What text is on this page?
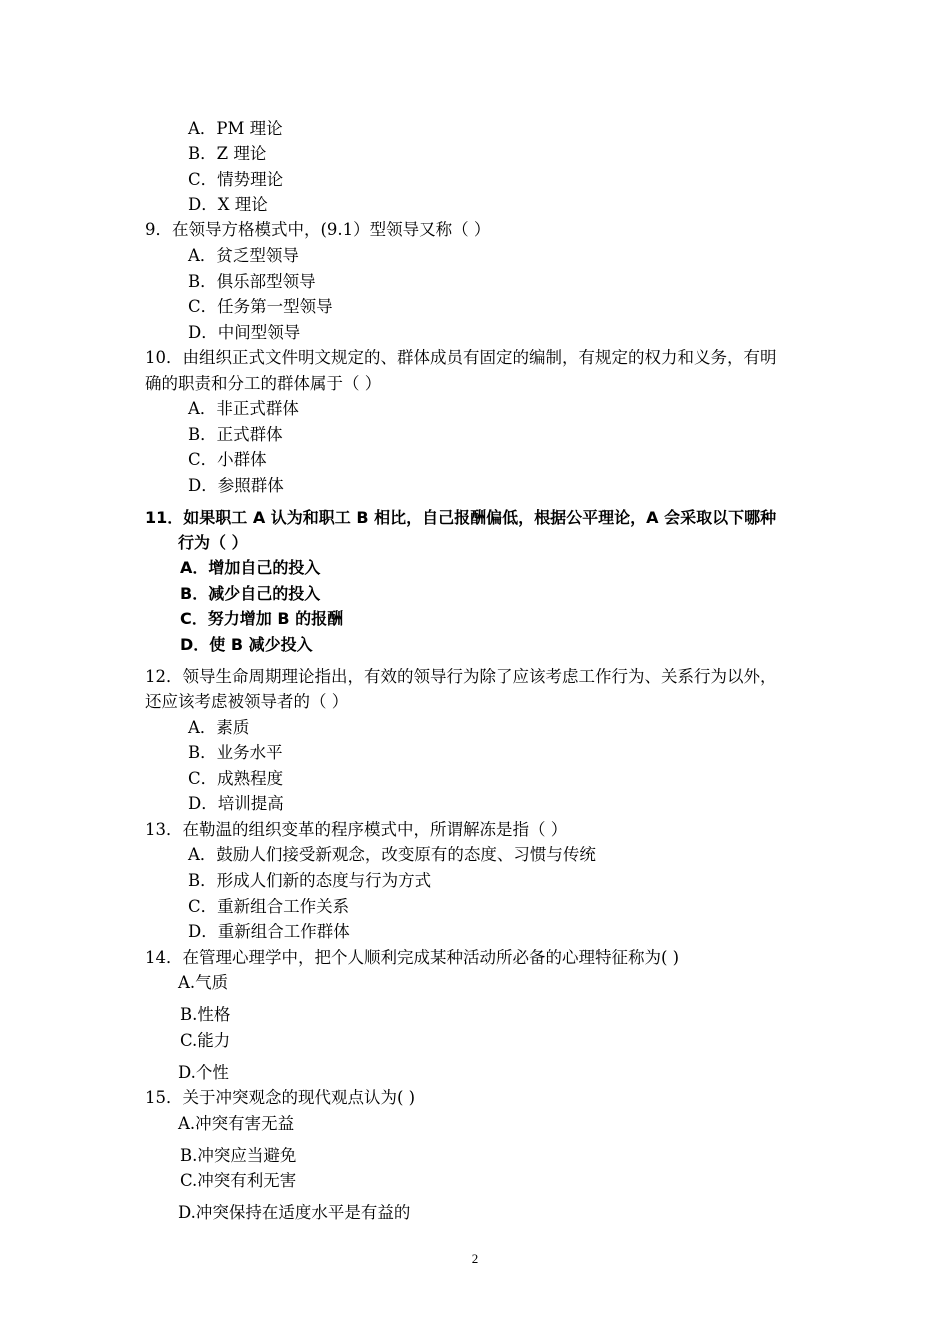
A．PM 理论
B．Z 理论
C．情势理论
D．X 理论
9．在领导方格模式中，(9.1）型领导又称（ ）
A．贫乏型领导
B．俱乐部型领导
C．任务第一型领导
D．中间型领导
10．由组织正式文件明文规定的、群体成员有固定的编制，有规定的权力和义务，有明
确的职责和分工的群体属于（ ）
A．非正式群体
B．正式群体
C．小群体
D．参照群体
11．如果职工 A 认为和职工 B 相比，自己报酬偏低，根据公平理论，A 会采取以下哪种
行为（ ）
A．增加自己的投入
B．减少自己的投入
C．努力增加 B 的报酬
D．使 B 减少投入
12．领导生命周期理论指出，有效的领导行为除了应该考虑工作行为、关系行为以外，
还应该考虑被领导者的（ ）
A．素质
B．业务水平
C．成熟程度
D．培训提高
13．在勒温的组织变革的程序模式中，所谓解冻是指（ ）
A．鼓励人们接受新观念，改变原有的态度、习惯与传统
B．形成人们新的态度与行为方式
C．重新组合工作关系
D．重新组合工作群体
14．在管理心理学中，把个人顺利完成某种活动所必备的心理特征称为( )
A.气质
B.性格
C.能力
D.个性
15．关于冲突观念的现代观点认为( )
A.冲突有害无益
B.冲突应当避免
C.冲突有利无害
D.冲突保持在适度水平是有益的
2
